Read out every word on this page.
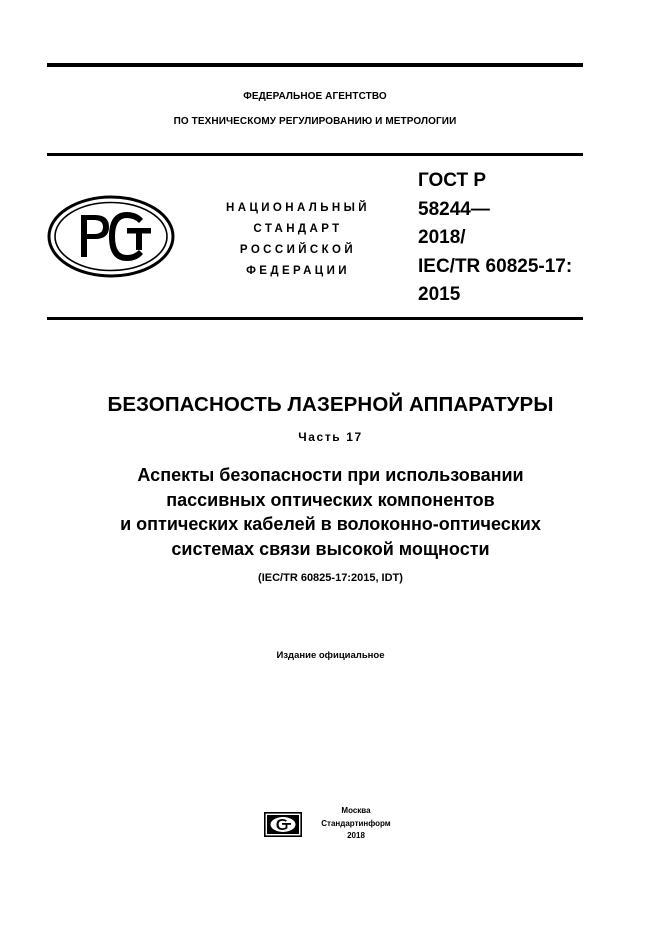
ФЕДЕРАЛЬНОЕ АГЕНТСТВО
ПО ТЕХНИЧЕСКОМУ РЕГУЛИРОВАНИЮ И МЕТРОЛОГИИ
НАЦИОНАЛЬНЫЙ
СТАНДАРТ
РОССИЙСКОЙ
ФЕДЕРАЦИИ
ГОСТ Р
58244—
2018/
IEC/TR 60825-17:
2015
БЕЗОПАСНОСТЬ ЛАЗЕРНОЙ АППАРАТУРЫ
Часть 17
Аспекты безопасности при использовании
пассивных оптических компонентов
и оптических кабелей в волоконно-оптических
системах связи высокой мощности
(IEC/TR 60825-17:2015, IDT)
Издание официальное
Москва
Стандартинформ
2018
